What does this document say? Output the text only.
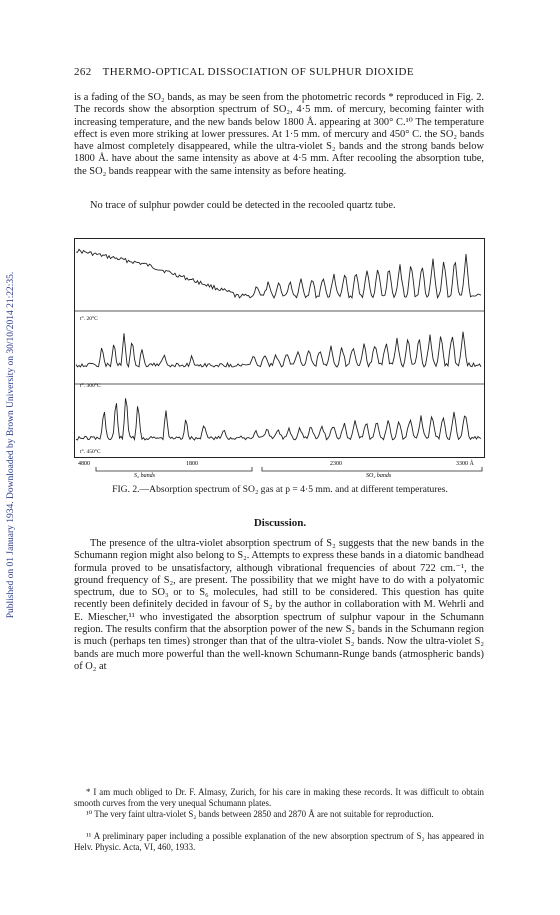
Published on 01 January 1934. Downloaded by Brown University on 30/10/2014 21:22:35.
262 THERMO-OPTICAL DISSOCIATION OF SULPHUR DIOXIDE

is a fading of the SO₂ bands, as may be seen from the photometric records * reproduced in Fig. 2. The records show the absorption spectrum of SO₂, 4·5 mm. of mercury, becoming fainter with increasing temperature, and the new bands below 1800 Å. appearing at 300° C.¹⁰ The temperature effect is even more striking at lower pressures. At 1·5 mm. of mercury and 450° C. the SO₂ bands have almost completely disappeared, while the ultra-violet S₂ bands and the strong bands below 1800 Å. have about the same intensity as above at 4·5 mm. After recooling the absorption tube, the SO₂ bands reappear with the same intensity as before heating.

No trace of sulphur powder could be detected in the recooled quartz tube.

t°. 20°C
t°. 300°C
t°. 450°C
4800	1800	2300	3300 Å
S₂ bands	SO₂ bands
FIG. 2.—Absorption spectrum of SO₂ gas at p = 4·5 mm. and at different temperatures.
Discussion.

The presence of the ultra-violet absorption spectrum of S₂ suggests that the new bands in the Schumann region might also belong to S₂. Attempts to express these bands in a diatomic bandhead formula proved to be unsatisfactory, although vibrational frequencies of about 722 cm.⁻¹, the ground frequency of S₂, are present. The possibility that we might have to do with a polyatomic spectrum, due to SO₃ or to S₆ molecules, had still to be considered. This question has quite recently been definitely decided in favour of S₂ by the author in collaboration with M. Wehrli and E. Miescher,¹¹ who investigated the absorption spectrum of sulphur vapour in the Schumann region. The results confirm that the absorption power of the new S₂ bands in the Schumann region is much (perhaps ten times) stronger than that of the ultra-violet S₂ bands. Now the ultra-violet S₂ bands are much more powerful than the well-known Schumann-Runge bands (atmospheric bands) of O₂ at

* I am much obliged to Dr. F. Almasy, Zurich, for his care in making these records. It was difficult to obtain smooth curves from the very unequal Schumann plates.

¹⁰ The very faint ultra-violet S₂ bands between 2850 and 2870 Å are not suitable for reproduction.

¹¹ A preliminary paper including a possible explanation of the new absorption spectrum of S₂ has appeared in Helv. Physic. Acta, VI, 460, 1933.
